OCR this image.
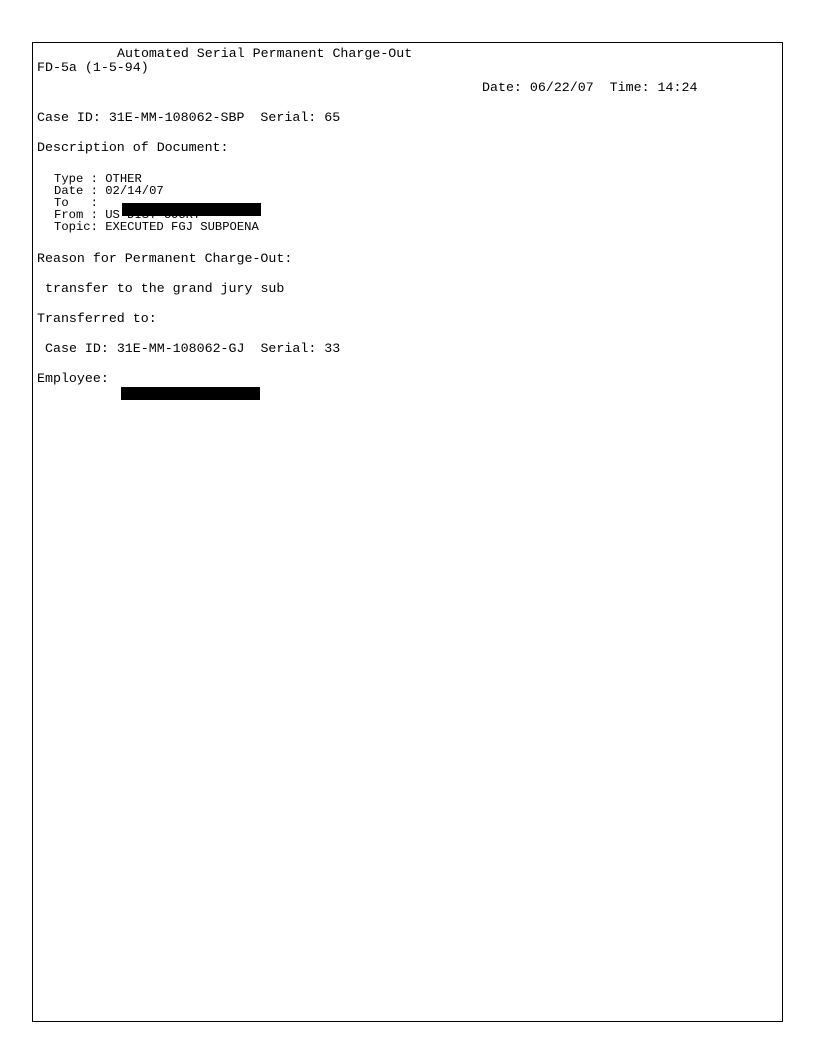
Automated Serial Permanent Charge-Out
FD-5a (1-5-94)
Date: 06/22/07  Time: 14:24
Case ID: 31E-MM-108062-SBP  Serial: 65
Description of Document:
Type : OTHER
Date : 02/14/07
To   :
From : US DIST COURT
Topic: EXECUTED FGJ SUBPOENA
Reason for Permanent Charge-Out:
transfer to the grand jury sub
Transferred to:
Case ID: 31E-MM-108062-GJ  Serial: 33
Employee:
